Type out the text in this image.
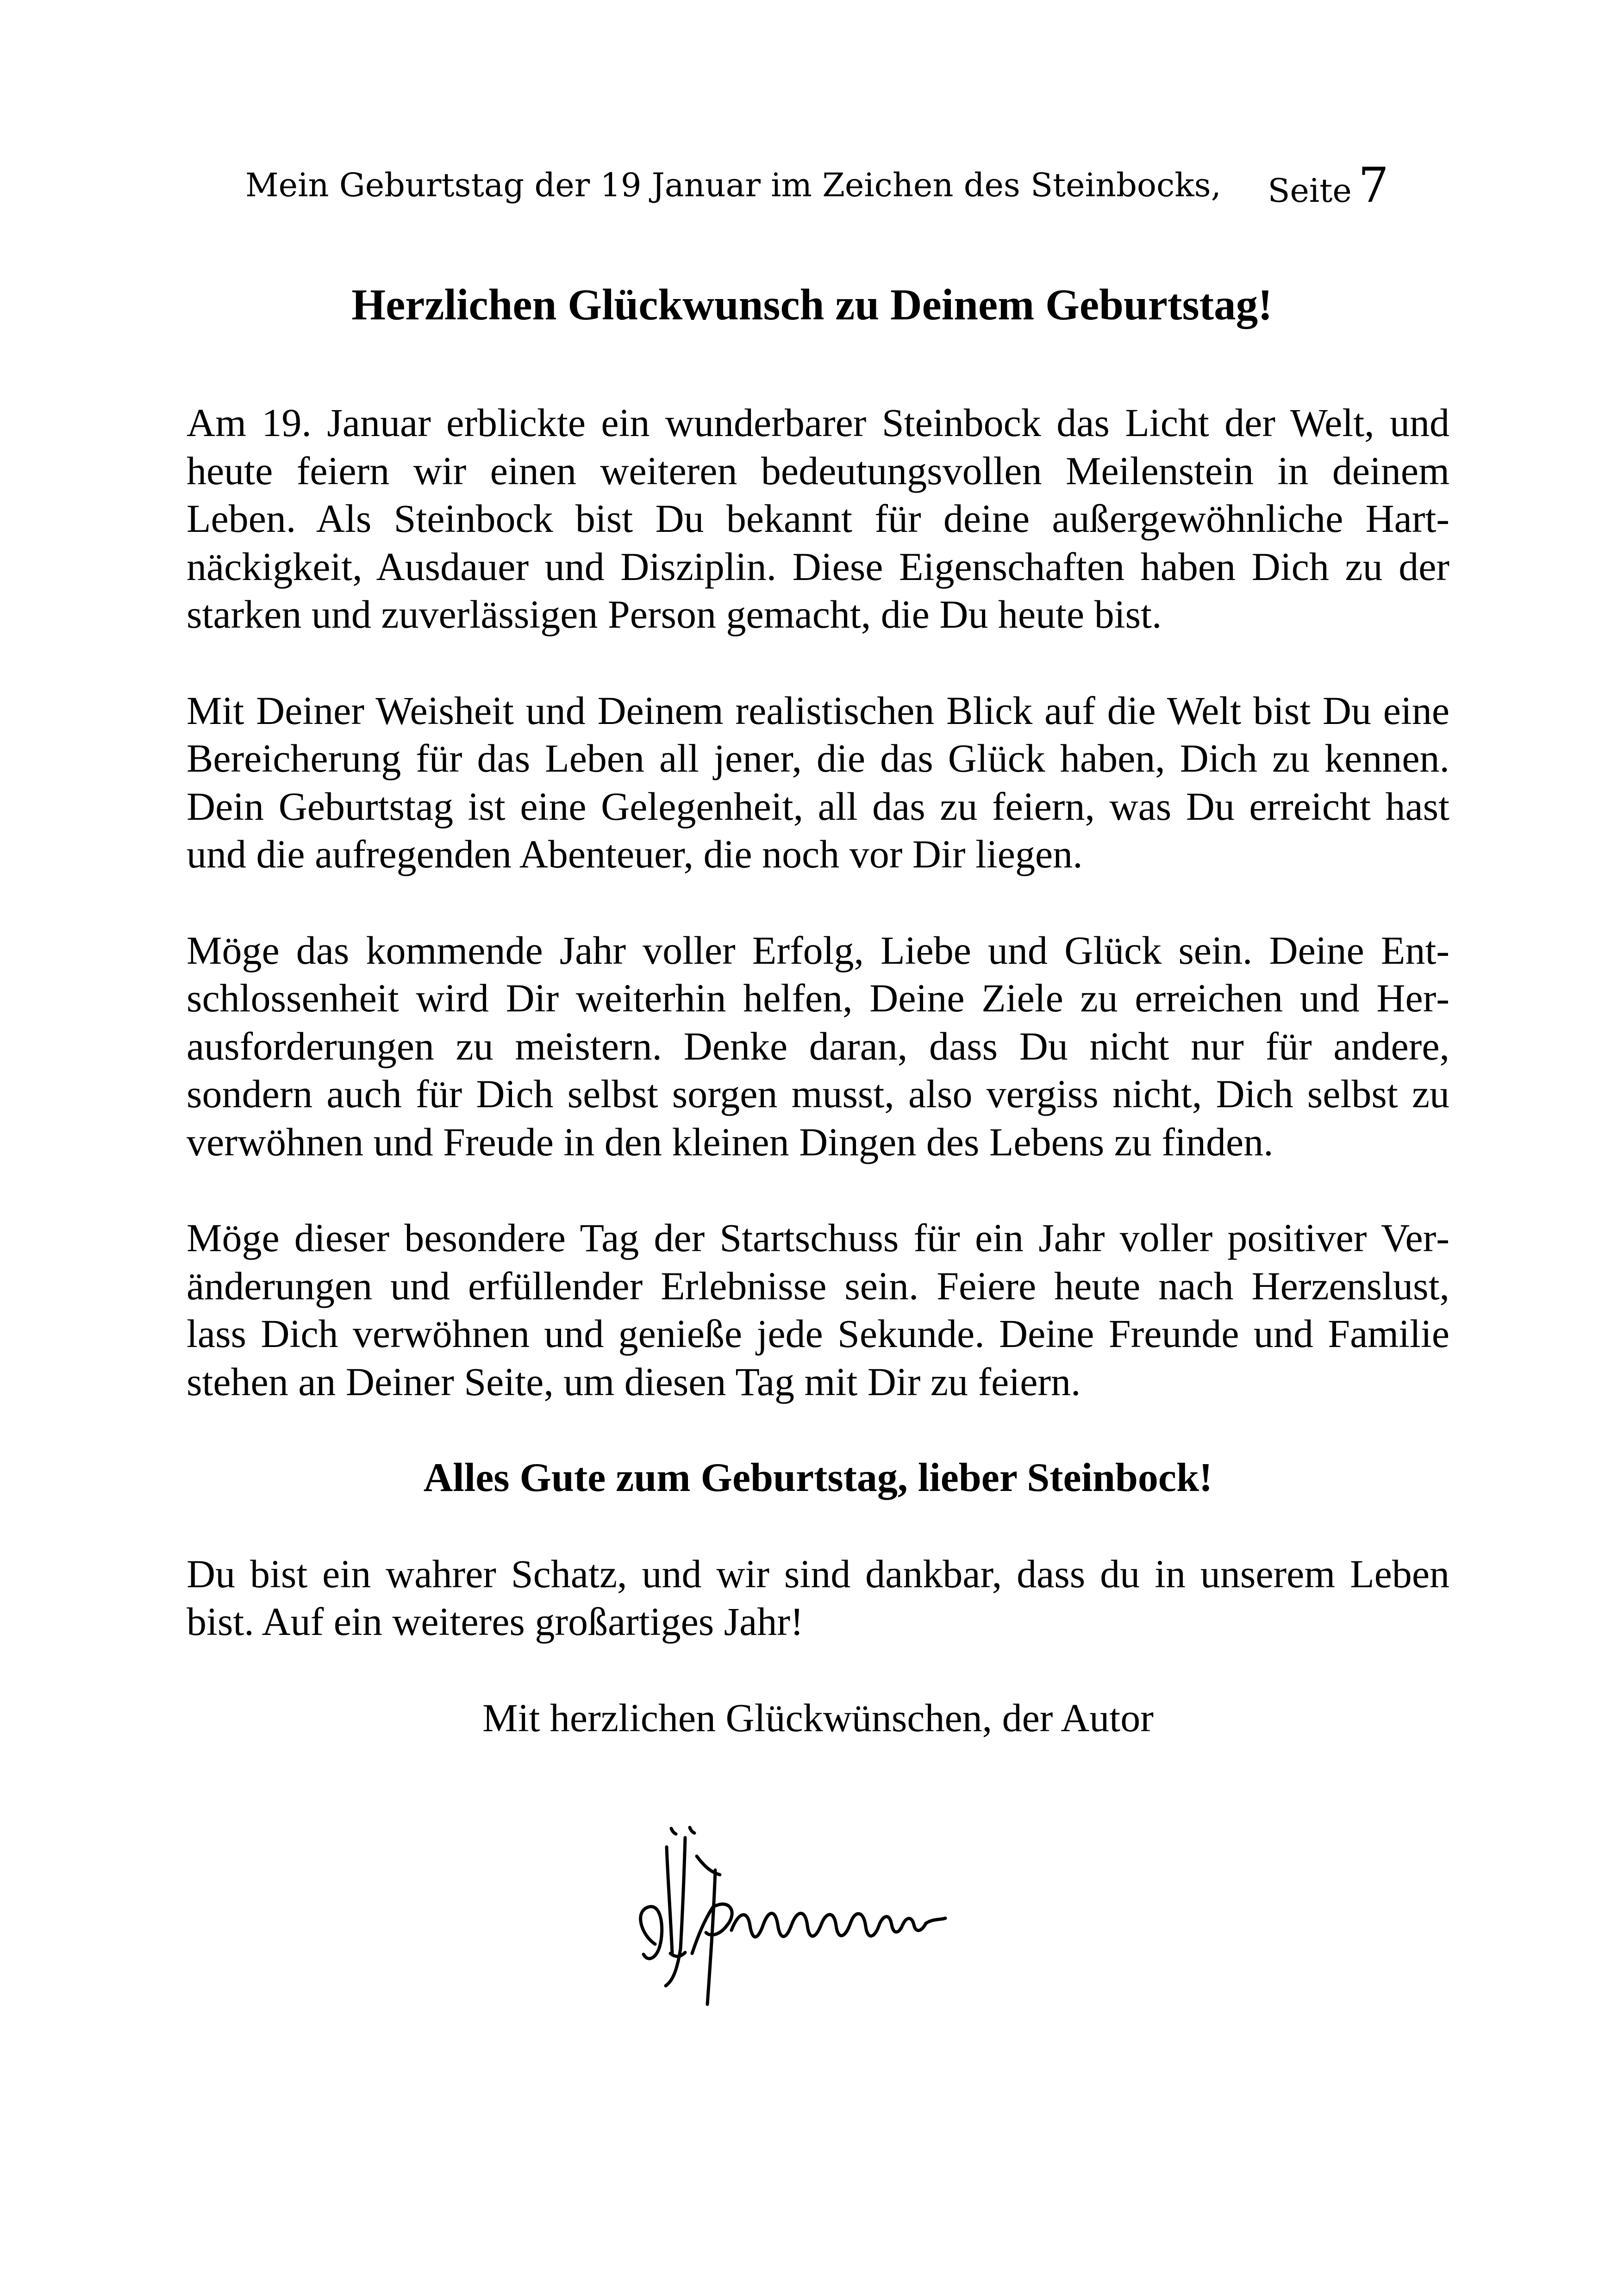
Mein Geburtstag der 19 Januar im Zeichen des Steinbocks, Seite 7
Herzlichen Glückwunsch zu Deinem Geburtstag!

Am 19. Januar erblickte ein wunderbarer Steinbock das Licht der Welt, und heute feiern wir einen weiteren bedeutungsvollen Meilenstein in deinem Leben. Als Steinbock bist Du bekannt für deine außergewöhnliche Hartnäckigkeit, Ausdauer und Disziplin. Diese Eigenschaften haben Dich zu der starken und zuverlässigen Person gemacht, die Du heute bist.

Mit Deiner Weisheit und Deinem realistischen Blick auf die Welt bist Du eine Bereicherung für das Leben all jener, die das Glück haben, Dich zu kennen. Dein Geburtstag ist eine Gelegenheit, all das zu feiern, was Du erreicht hast und die aufregenden Abenteuer, die noch vor Dir liegen.

Möge das kommende Jahr voller Erfolg, Liebe und Glück sein. Deine Entschlossenheit wird Dir weiterhin helfen, Deine Ziele zu erreichen und Herausforderungen zu meistern. Denke daran, dass Du nicht nur für andere, sondern auch für Dich selbst sorgen musst, also vergiss nicht, Dich selbst zu verwöhnen und Freude in den kleinen Dingen des Lebens zu finden.

Möge dieser besondere Tag der Startschuss für ein Jahr voller positiver Veränderungen und erfüllender Erlebnisse sein. Feiere heute nach Herzenslust, lass Dich verwöhnen und genieße jede Sekunde. Deine Freunde und Familie stehen an Deiner Seite, um diesen Tag mit Dir zu feiern.

Alles Gute zum Geburtstag, lieber Steinbock!

Du bist ein wahrer Schatz, und wir sind dankbar, dass du in unserem Leben bist. Auf ein weiteres großartiges Jahr!

Mit herzlichen Glückwünschen, der Autor
